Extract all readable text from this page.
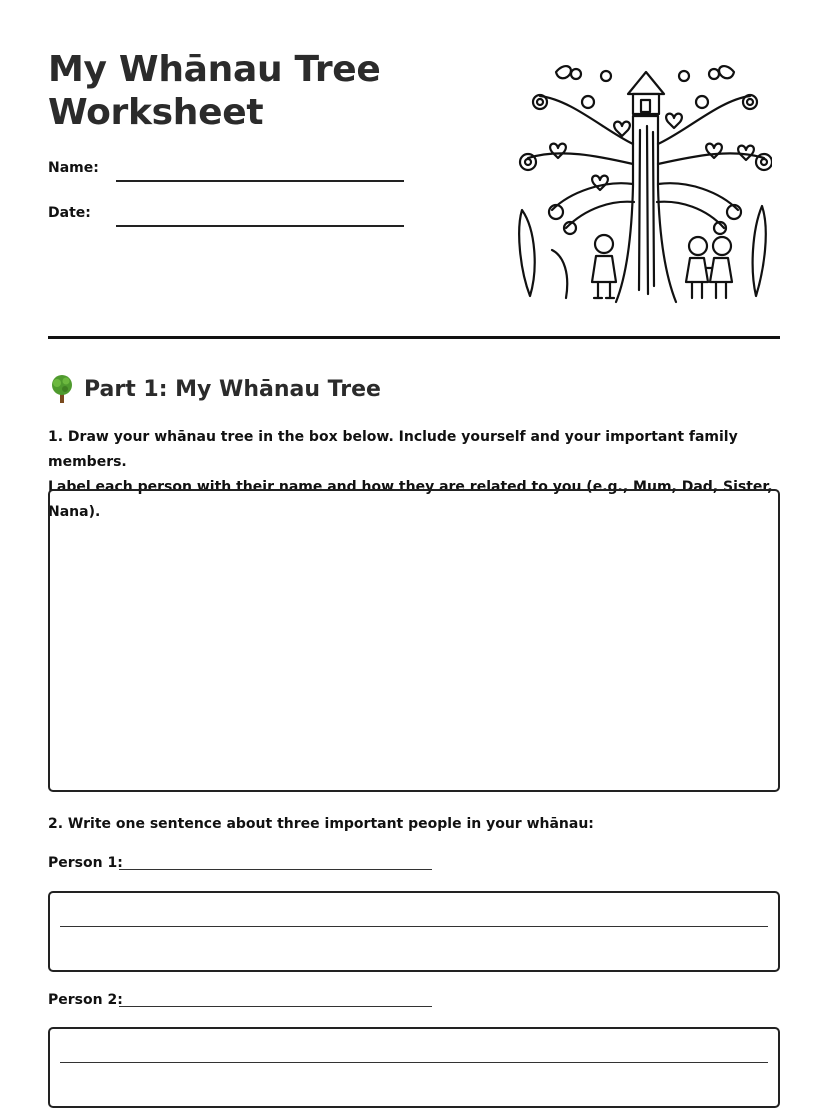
My Whānau Tree
Worksheet
Name:
Date:
Part 1: My Whānau Tree
1. Draw your whānau tree in the box below. Include yourself and your important family members.
Label each person with their name and how they are related to you (e.g., Mum, Dad, Sister, Nana).
2. Write one sentence about three important people in your whānau:
Person 1:
Person 2:
